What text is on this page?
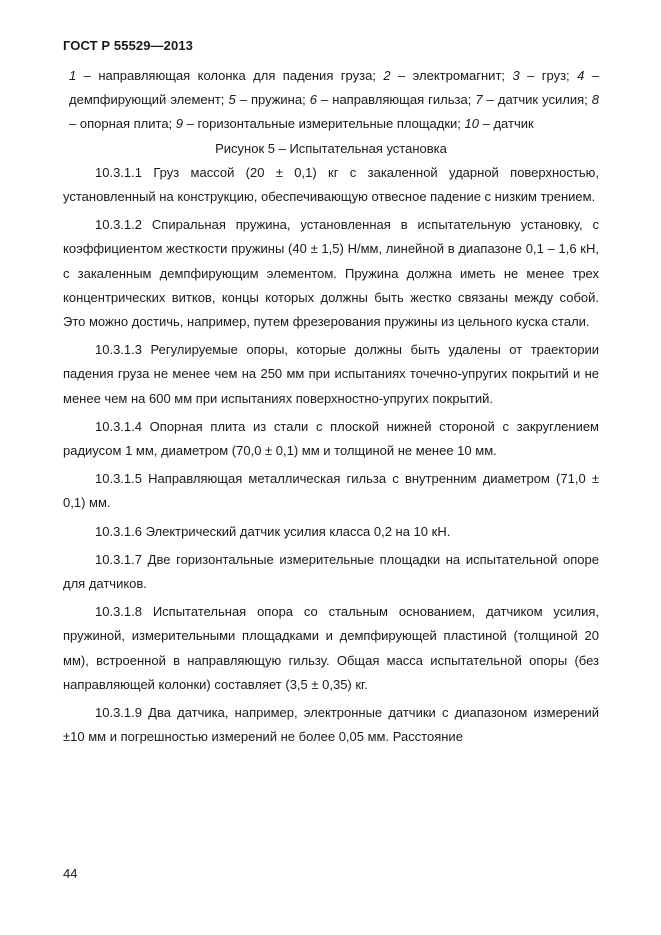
ГОСТ Р 55529—2013
1 – направляющая колонка для падения груза; 2 – электромагнит; 3 – груз; 4 – демпфирующий элемент; 5 – пружина; 6 – направляющая гильза; 7 – датчик усилия; 8 – опорная плита; 9 – горизонтальные измерительные площадки; 10 – датчик
Рисунок 5 – Испытательная установка

10.3.1.1 Груз массой (20 ± 0,1) кг с закаленной ударной поверхностью, установленный на конструкцию, обеспечивающую отвесное падение с низким трением.

10.3.1.2 Спиральная пружина, установленная в испытательную установку, с коэффициентом жесткости пружины (40 ± 1,5) Н/мм, линейной в диапазоне 0,1 – 1,6 кН, с закаленным демпфирующим элементом. Пружина должна иметь не менее трех концентрических витков, концы которых должны быть жестко связаны между собой. Это можно достичь, например, путем фрезерования пружины из цельного куска стали.

10.3.1.3 Регулируемые опоры, которые должны быть удалены от траектории падения груза не менее чем на 250 мм при испытаниях точечно-упругих покрытий и не менее чем на 600 мм при испытаниях поверхностно-упругих покрытий.

10.3.1.4 Опорная плита из стали с плоской нижней стороной с закруглением радиусом 1 мм, диаметром (70,0 ± 0,1) мм и толщиной не менее 10 мм.

10.3.1.5 Направляющая металлическая гильза с внутренним диаметром (71,0 ± 0,1) мм.

10.3.1.6 Электрический датчик усилия класса 0,2 на 10 кН.

10.3.1.7 Две горизонтальные измерительные площадки на испытательной опоре для датчиков.

10.3.1.8 Испытательная опора со стальным основанием, датчиком усилия, пружиной, измерительными площадками и демпфирующей пластиной (толщиной 20 мм), встроенной в направляющую гильзу. Общая масса испытательной опоры (без направляющей колонки) составляет (3,5 ± 0,35) кг.

10.3.1.9 Два датчика, например, электронные датчики с диапазоном измерений ±10 мм и погрешностью измерений не более 0,05 мм. Расстояние

44
